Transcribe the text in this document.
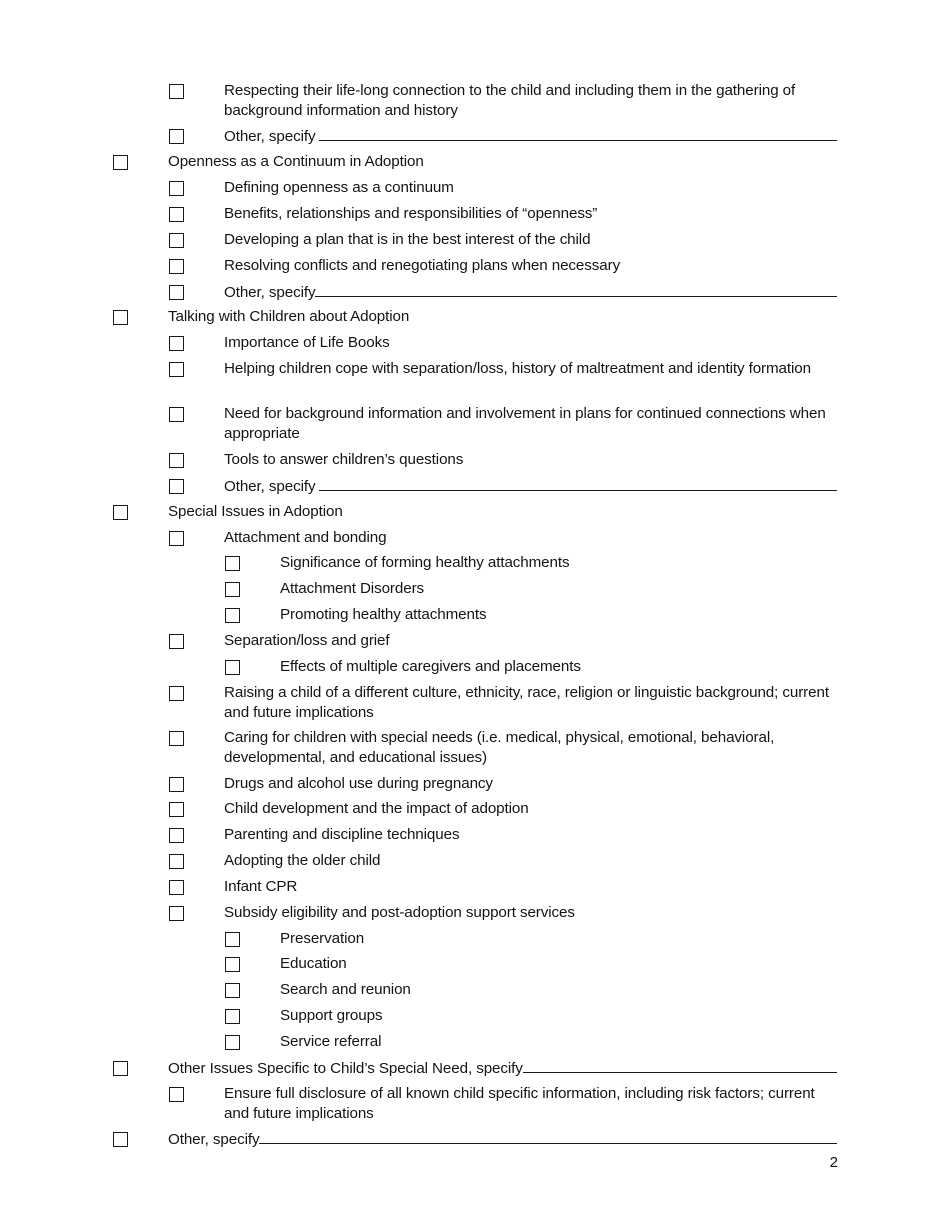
Respecting their life-long connection to the child and including them in the gathering of background information and history
Other, specify
Openness as a Continuum in Adoption
Defining openness as a continuum
Benefits, relationships and responsibilities of “openness”
Developing a plan that is in the best interest of the child
Resolving conflicts and renegotiating plans when necessary
Other, specify
Talking with Children about Adoption
Importance of Life Books
Helping children cope with separation/loss, history of maltreatment and identity formation
Need for background information and involvement in plans for continued connections when appropriate
Tools to answer children’s questions
Other, specify
Special Issues in Adoption
Attachment and bonding
Significance of forming healthy attachments
Attachment Disorders
Promoting healthy attachments
Separation/loss and grief
Effects of multiple caregivers and placements
Raising a child of a different culture, ethnicity, race, religion or linguistic background; current and future implications
Caring for children with special needs (i.e. medical, physical, emotional, behavioral, developmental, and educational issues)
Drugs and alcohol use during pregnancy
Child development and the impact of adoption
Parenting and discipline techniques
Adopting the older child
Infant CPR
Subsidy eligibility and post-adoption support services
Preservation
Education
Search and reunion
Support groups
Service referral
Other Issues Specific to Child’s Special Need, specify
Ensure full disclosure of all known child specific information, including risk factors; current and future implications
Other, specify
2
